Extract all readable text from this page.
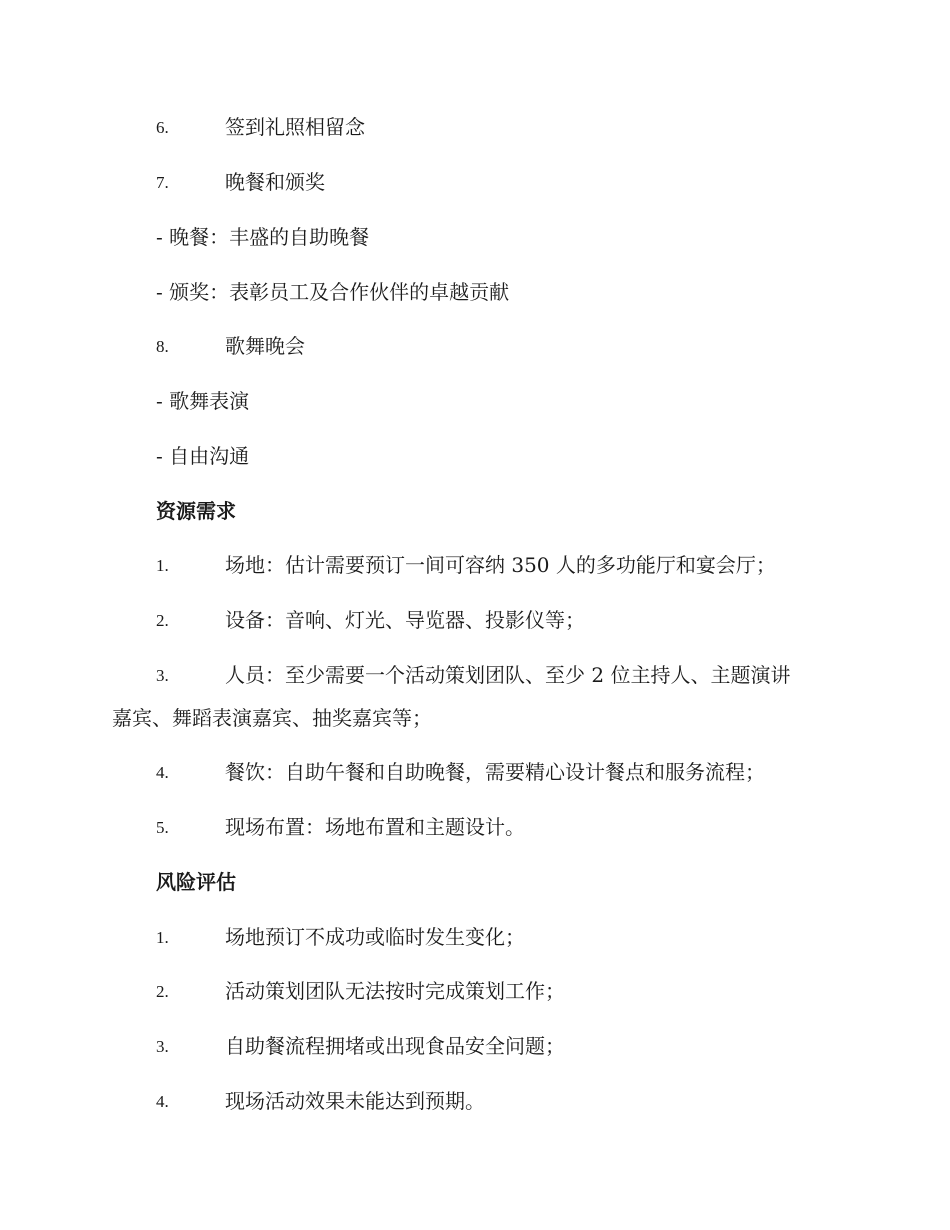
6.	签到礼照相留念
7.	晚餐和颁奖
- 晚餐：丰盛的自助晚餐
- 颁奖：表彰员工及合作伙伴的卓越贡献
8.	歌舞晚会
- 歌舞表演
- 自由沟通
资源需求
1.	场地：估计需要预订一间可容纳 350 人的多功能厅和宴会厅；
2.	设备：音响、灯光、导览器、投影仪等；
3.	人员：至少需要一个活动策划团队、至少 2 位主持人、主题演讲
嘉宾、舞蹈表演嘉宾、抽奖嘉宾等；
4.	餐饮：自助午餐和自助晚餐，需要精心设计餐点和服务流程；
5.	现场布置：场地布置和主题设计。
风险评估
1.	场地预订不成功或临时发生变化；
2.	活动策划团队无法按时完成策划工作；
3.	自助餐流程拥堵或出现食品安全问题；
4.	现场活动效果未能达到预期。
